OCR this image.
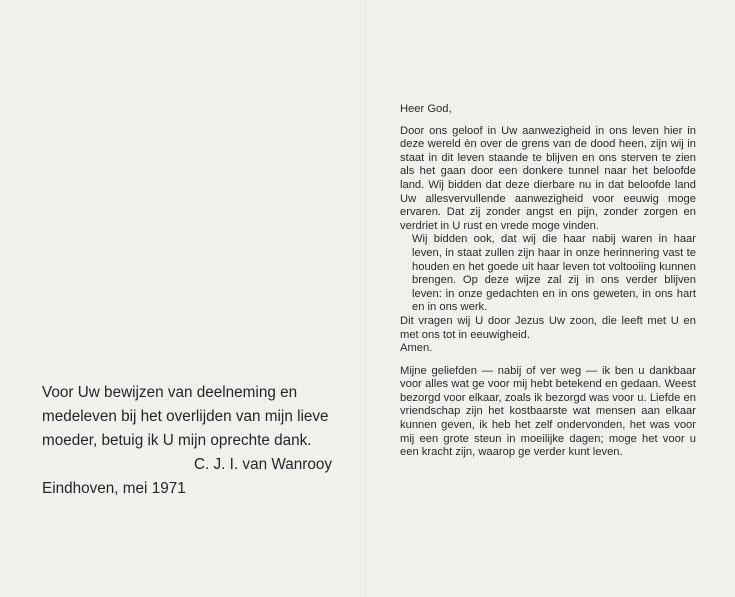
Voor Uw bewijzen van deelneming en medeleven bij het overlijden van mijn lieve moeder, betuig ik U mijn oprechte dank.

C. J. I. van Wanrooy

Eindhoven, mei 1971

Heer God,

Door ons geloof in Uw aanwezigheid in ons leven hier in deze wereld èn over de grens van de dood heen, zijn wij in staat in dit leven staande te blijven en ons sterven te zien als het gaan door een donkere tunnel naar het beloofde land. Wij bidden dat deze dierbare nu in dat beloofde land Uw allesvervullende aanwezigheid voor eeuwig moge ervaren. Dat zij zonder angst en pijn, zonder zorgen en verdriet in U rust en vrede moge vinden.

Wij bidden ook, dat wij die haar nabij waren in haar leven, in staat zullen zijn haar in onze herinnering vast te houden en het goede uit haar leven tot voltooiing kunnen brengen. Op deze wijze zal zij in ons verder blijven leven: in onze gedachten en in ons geweten, in ons hart en in ons werk.

Dit vragen wij U door Jezus Uw zoon, die leeft met U en met ons tot in eeuwigheid.

Amen.

Mijne geliefden — nabij of ver weg — ik ben u dankbaar voor alles wat ge voor mij hebt betekend en gedaan. Weest bezorgd voor elkaar, zoals ik bezorgd was voor u. Liefde en vriendschap zijn het kostbaarste wat mensen aan elkaar kunnen geven, ik heb het zelf ondervonden, het was voor mij een grote steun in moeilijke dagen; moge het voor u een kracht zijn, waarop ge verder kunt leven.
